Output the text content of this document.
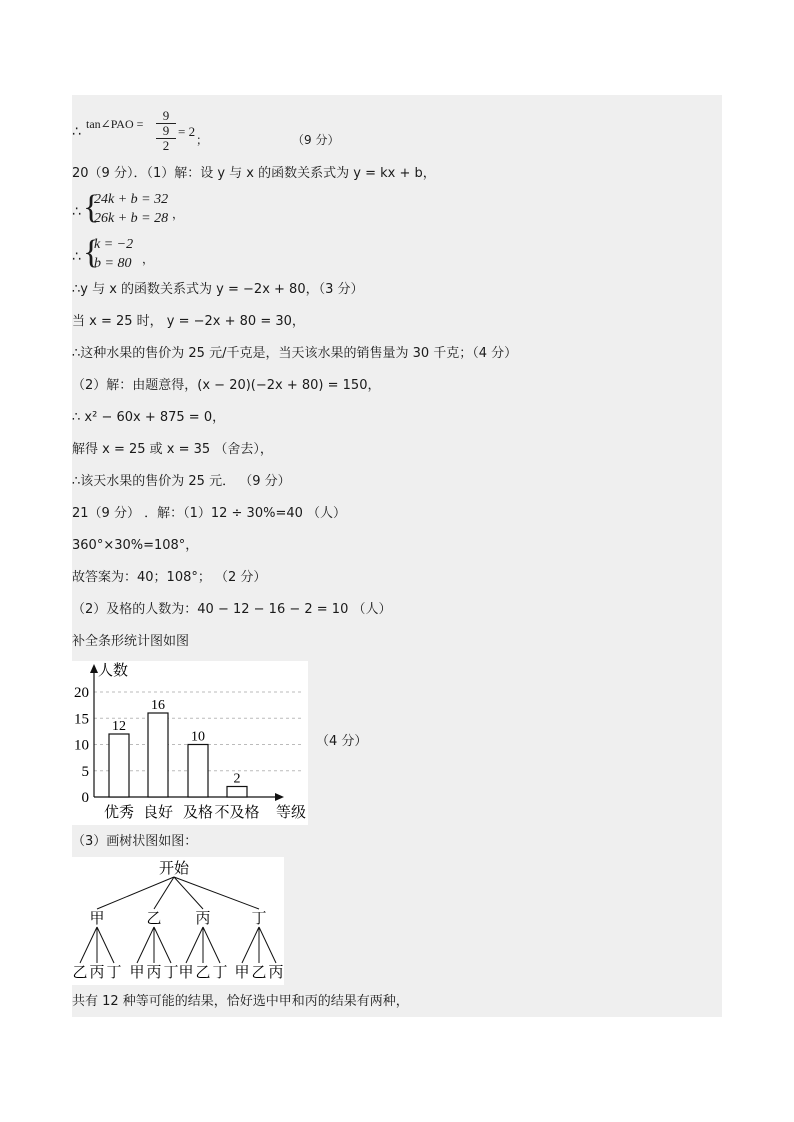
∴ tan∠PAO = 9
9
2 = 2
；	（9 分）
20（9 分）．（1）解：设 y 与 x 的函数关系式为 y = kx + b，
∴ {
24k + b = 32
26k + b = 28 ，
∴ {
k = −2
b = 80 ，
∴y 与 x 的函数关系式为 y = −2x + 80，（3 分）
当 x = 25 时， y = −2x + 80 = 30，
∴这种水果的售价为 25 元/千克是，当天该水果的销售量为 30 千克；（4 分）
（2）解：由题意得，(x − 20)(−2x + 80) = 150，
∴ x² − 60x + 875 = 0，
解得 x = 25 或 x = 35 （舍去），
∴该天水果的售价为 25 元． （9 分）
21（9 分） ．解：（1）12 ÷ 30%=40 （人）
360°×30%=108°，
故答案为：40；108°； （2 分）
（2）及格的人数为：40 − 12 − 16 − 2 = 10 （人）
补全条形统计图如图
0
5
10
15
20
人数
等级
12
优秀
16
良好
10
及格
2
不及格
（4 分）
（3）画树状图如图：
开始
甲
乙 丙 丁
乙
甲 丙 丁
丙
甲 乙 丁
丁
甲 乙 丙
共有 12 种等可能的结果，恰好选中甲和丙的结果有两种，
